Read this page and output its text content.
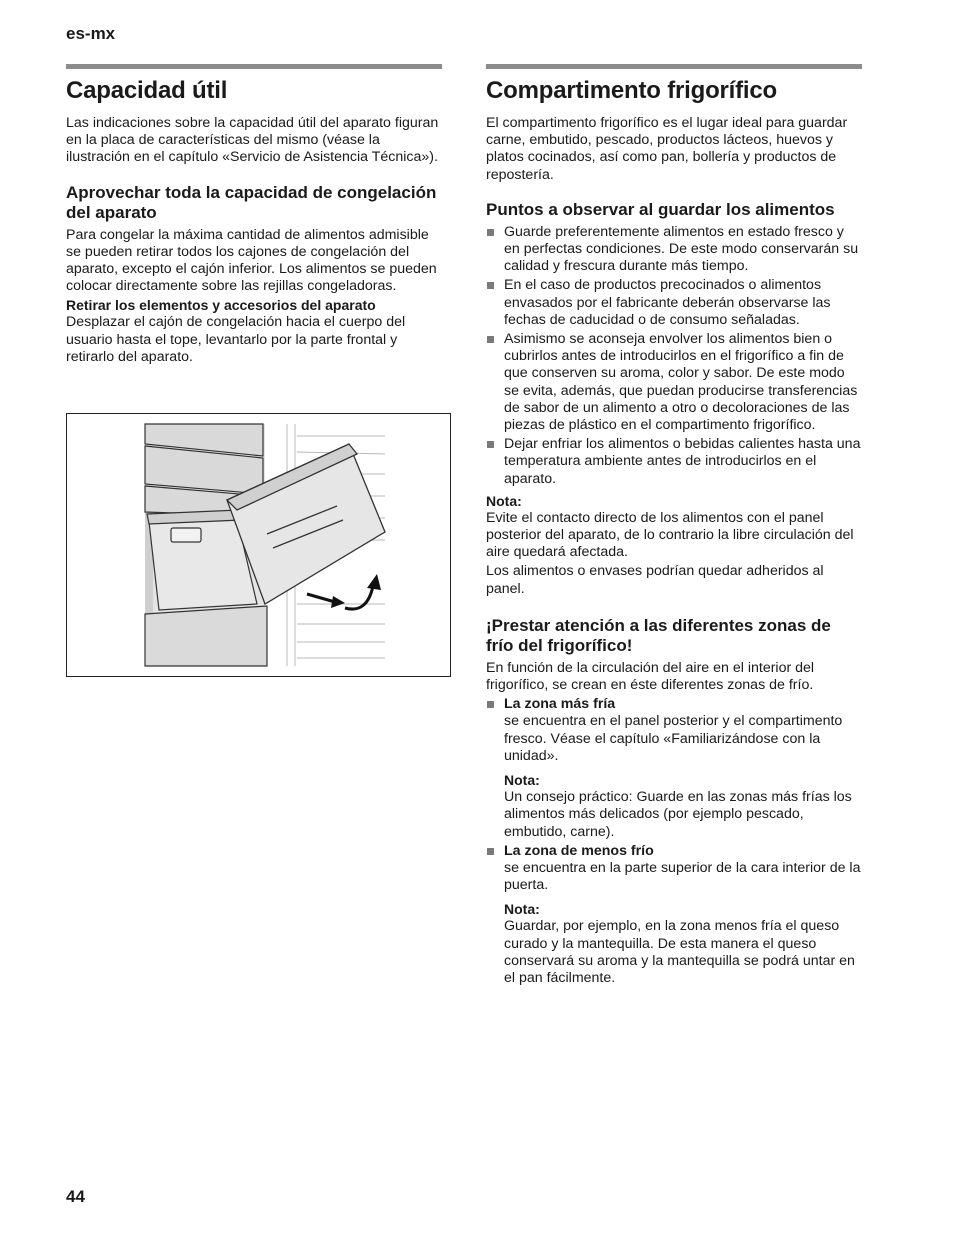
es-mx
Capacidad útil

Las indicaciones sobre la capacidad útil del aparato figuran en la placa de características del mismo (véase la ilustración en el capítulo «Servicio de Asistencia Técnica»).

Aprovechar toda la capacidad de congelación del aparato

Para congelar la máxima cantidad de alimentos admisible se pueden retirar todos los cajones de congelación del aparato, excepto el cajón inferior. Los alimentos se pueden colocar directamente sobre las rejillas congeladoras.

Retirar los elementos y accesorios del aparato

Desplazar el cajón de congelación hacia el cuerpo del usuario hasta el tope, levantarlo por la parte frontal y retirarlo del aparato.

Compartimento frigorífico

El compartimento frigorífico es el lugar ideal para guardar carne, embutido, pescado, productos lácteos, huevos y platos cocinados, así como pan, bollería y productos de repostería.

Puntos a observar al guardar los alimentos
Guarde preferentemente alimentos en estado fresco y en perfectas condiciones. De este modo conservarán su calidad y frescura durante más tiempo.
En el caso de productos precocinados o alimentos envasados por el fabricante deberán observarse las fechas de caducidad o de consumo señaladas.
Asimismo se aconseja envolver los alimentos bien o cubrirlos antes de introducirlos en el frigorífico a fin de que conserven su aroma, color y sabor. De este modo se evita, además, que puedan producirse transferencias de sabor de un alimento a otro o decoloraciones de las piezas de plástico en el compartimento frigorífico.
Dejar enfriar los alimentos o bebidas calientes hasta una temperatura ambiente antes de introducirlos en el aparato.
Nota:

Evite el contacto directo de los alimentos con el panel posterior del aparato, de lo contrario la libre circulación del aire quedará afectada.

Los alimentos o envases podrían quedar adheridos al panel.

¡Prestar atención a las diferentes zonas de frío del frigorífico!

En función de la circulación del aire en el interior del frigorífico, se crean en éste diferentes zonas de frío.

La zona más fría
se encuentra en el panel posterior y el compartimento fresco. Véase el capítulo «Familiarizándose con la unidad».
Nota:
Un consejo práctico: Guarde en las zonas más frías los alimentos más delicados (por ejemplo pescado, embutido, carne).
La zona de menos frío
se encuentra en la parte superior de la cara interior de la puerta.
Nota:
Guardar, por ejemplo, en la zona menos fría el queso curado y la mantequilla. De esta manera el queso conservará su aroma y la mantequilla se podrá untar en el pan fácilmente.
44
